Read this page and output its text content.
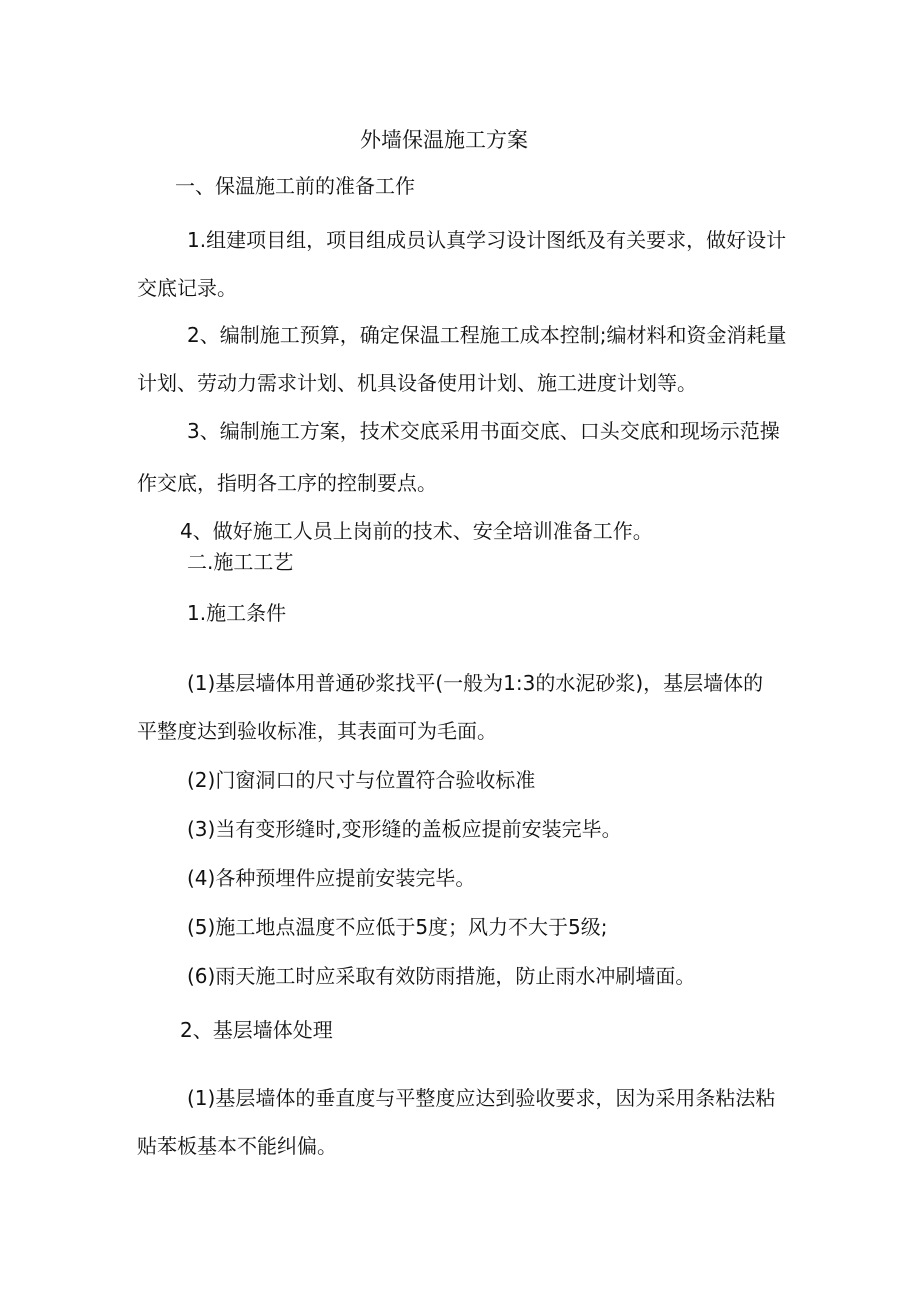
外墙保温施工方案
一、保温施工前的准备工作
1.组建项目组，项目组成员认真学习设计图纸及有关要求，做好设计
交底记录。
2、编制施工预算，确定保温工程施工成本控制;编材料和资金消耗量
计划、劳动力需求计划、机具设备使用计划、施工进度计划等。
3、编制施工方案，技术交底采用书面交底、口头交底和现场示范操
作交底，指明各工序的控制要点。
4、做好施工人员上岗前的技术、安全培训准备工作。
二.施工工艺
1.施工条件
(1)基层墙体用普通砂浆找平(一般为1:3的水泥砂浆)，基层墙体的
平整度达到验收标准，其表面可为毛面。
(2)门窗洞口的尺寸与位置符合验收标准
(3)当有变形缝时,变形缝的盖板应提前安装完毕。
(4)各种预埋件应提前安装完毕。
(5)施工地点温度不应低于5度；风力不大于5级;
(6)雨天施工时应采取有效防雨措施，防止雨水冲刷墙面。
2、基层墙体处理
(1)基层墙体的垂直度与平整度应达到验收要求，因为采用条粘法粘
贴苯板基本不能纠偏。
